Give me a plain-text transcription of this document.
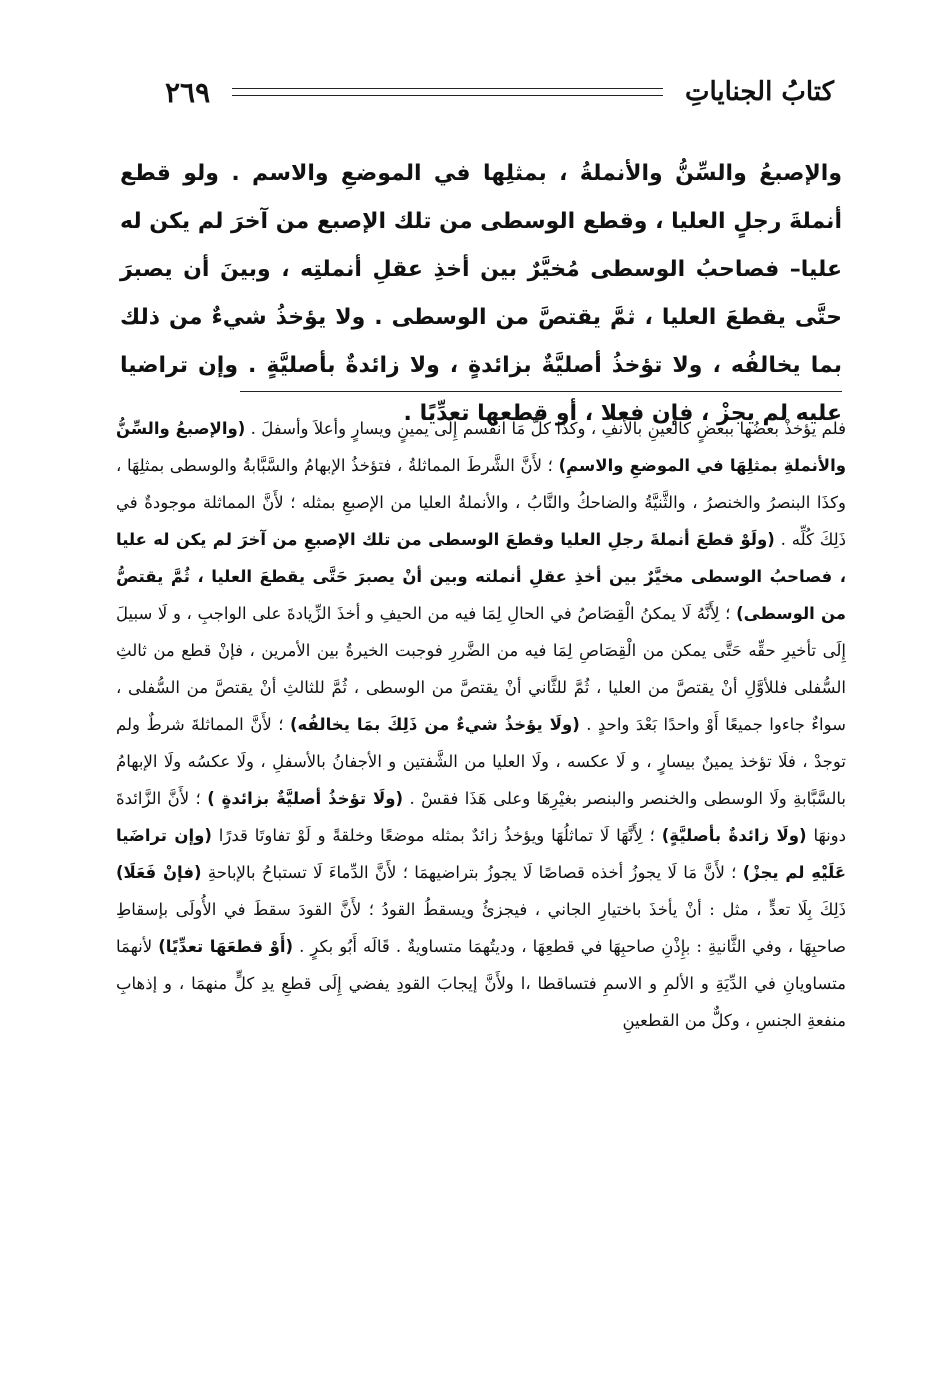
كتابُ الجناياتِ
٢٦٩

والإصبعُ والسِّنُّ والأنملةُ ، بمثلِها في الموضعِ والاسم . ولو قطع أنملةَ رجلٍ العليا ، وقطع الوسطى من تلك الإصبع من آخرَ لم يكن له عليا– فصاحبُ الوسطى مُخيَّرٌ بين أخذِ عقلِ أنملتِه ، وبينَ أن يصبرَ حتَّى يقطعَ العليا ، ثمَّ يقتصَّ من الوسطى . ولا يؤخذُ شيءٌ من ذلك بما يخالفُه ، ولا تؤخذُ أصليَّةٌ بزائدةٍ ، ولا زائدةٌ بأصليَّةٍ . وإن تراضيا عليه لم يجزْ ، فإن فعلا ، أو قطعها تعدِّيًا .

فلم يؤخذْ بعضُها ببعضٍ كالعينِ بالأنفِ ، وكذا كلُّ مَا انقسم إِلَى يمينٍ ويسارٍ وأعلاَ وأسفلَ . (والإصبعُ والسِّنُّ والأنملةِ بمثلِهَا في الموضعِ والاسمِ) ؛ لأَنَّ الشَّرطَ المماثلةُ ، فتؤخذُ الإبهامُ والسَّبَّابةُ والوسطى بمثلِهَا ، وكذَا البنصرُ والخنصرُ ، والثَّنيَّةُ والضاحكُ والنَّابُ ، والأنملةُ العليا من الإصبعِ بمثله ؛ لأَنَّ المماثلة موجودةٌ في ذَلِكَ كُلِّه . (ولَوْ قطعَ أنملةَ رجلِ العليا وقطعَ الوسطى من تلك الإصبعِ من آخرَ لم يكن له عليا ، فصاحبُ الوسطى مخيَّرٌ بين أخذِ عقلِ أنملته وبين أنْ يصبرَ حَتَّى يقطعَ العليا ، ثُمَّ يقتصُّ من الوسطى) ؛ لِأَنَّهُ لَا يمكنُ الْقِصَاصُ في الحالِ لِمَا فيه من الحيفِ و أخذَ الزِّيادةَ على الواجبِ ، و لَا سبيلَ إِلَى تأخيرِ حقِّه حَتَّى يمكن من الْقِصَاصِ لِمَا فيه من الضَّررِ فوجبت الخيرةُ بين الأمرين ، فإنْ قطع من ثالثِ السُّفلى فللأوَّلِ أنْ يقتصَّ من العليا ، ثُمَّ للثَّاني أنْ يقتصَّ من الوسطى ، ثُمَّ للثالثِ أنْ يقتصَّ من السُّفلى ، سواءٌ جاءوا جميعًا أَوْ واحدًا بَعْدَ واحدٍ . (ولَا يؤخذُ شيءٌ من ذَلِكَ بمَا يخالفُه) ؛ لأَنَّ المماثلةَ شرطٌ ولم توجدْ ، فلَا تؤخذ يمينٌ بيسارٍ ، و لَا عكسه ، ولَا العليا من الشَّفتين و الأجفانُ بالأسفلِ ، ولَا عكسُه ولَا الإبهامُ بالسَّبَّابةِ ولَا الوسطى والخنصر والبنصر بغيْرِهَا وعلى هَذَا فقسْ . (ولَا تؤخذُ أصليَّةٌ بزائدةٍ ) ؛ لأَنَّ الزَّائدةَ دونهَا (ولَا زائدةٌ بأصليَّةٍ) ؛ لِأَنَّهَا لَا تماثلُهَا ويؤخذُ زائدٌ بمثله موضعًا وخلقةً و لَوْ تفاوتَا قدرًا (وإن تراضَيا عَلَيْهِ لم يجزْ) ؛ لأَنَّ مَا لَا يجوزُ أخذه قصاصًا لَا يجوزُ بتراضيهمَا ؛ لأَنَّ الدِّماءَ لَا تستباحُ بالإباحةِ (فإنْ فَعَلَا) ذَلِكَ بِلَا تعدٍّ ، مثل : أنْ يأخذَ باختيارِ الجاني ، فيجزئُ ويسقطُ القودُ ؛ لأَنَّ القودَ سقطَ في الأُولَى بإسقاطِ صاحبِهَا ، وفي الثَّانيةِ : بإِذْنِ صاحبِهَا في قطعِهَا ، وديتُهمَا متساويةٌ . قَالَه أَبُو بكرٍ . (أَوْ قطعَهَا تعدِّيًا) لأنهمَا متساويانِ في الدِّيَةِ و الألمِ و الاسمِ فتساقطا ،ا ولأَنَّ إيجابَ القودِ يفضي إِلَى قطعِ يدِ كلٍّ منهمَا ، و إذهابِ منفعةِ الجنسِ ، وكلٌّ من القطعينِ
